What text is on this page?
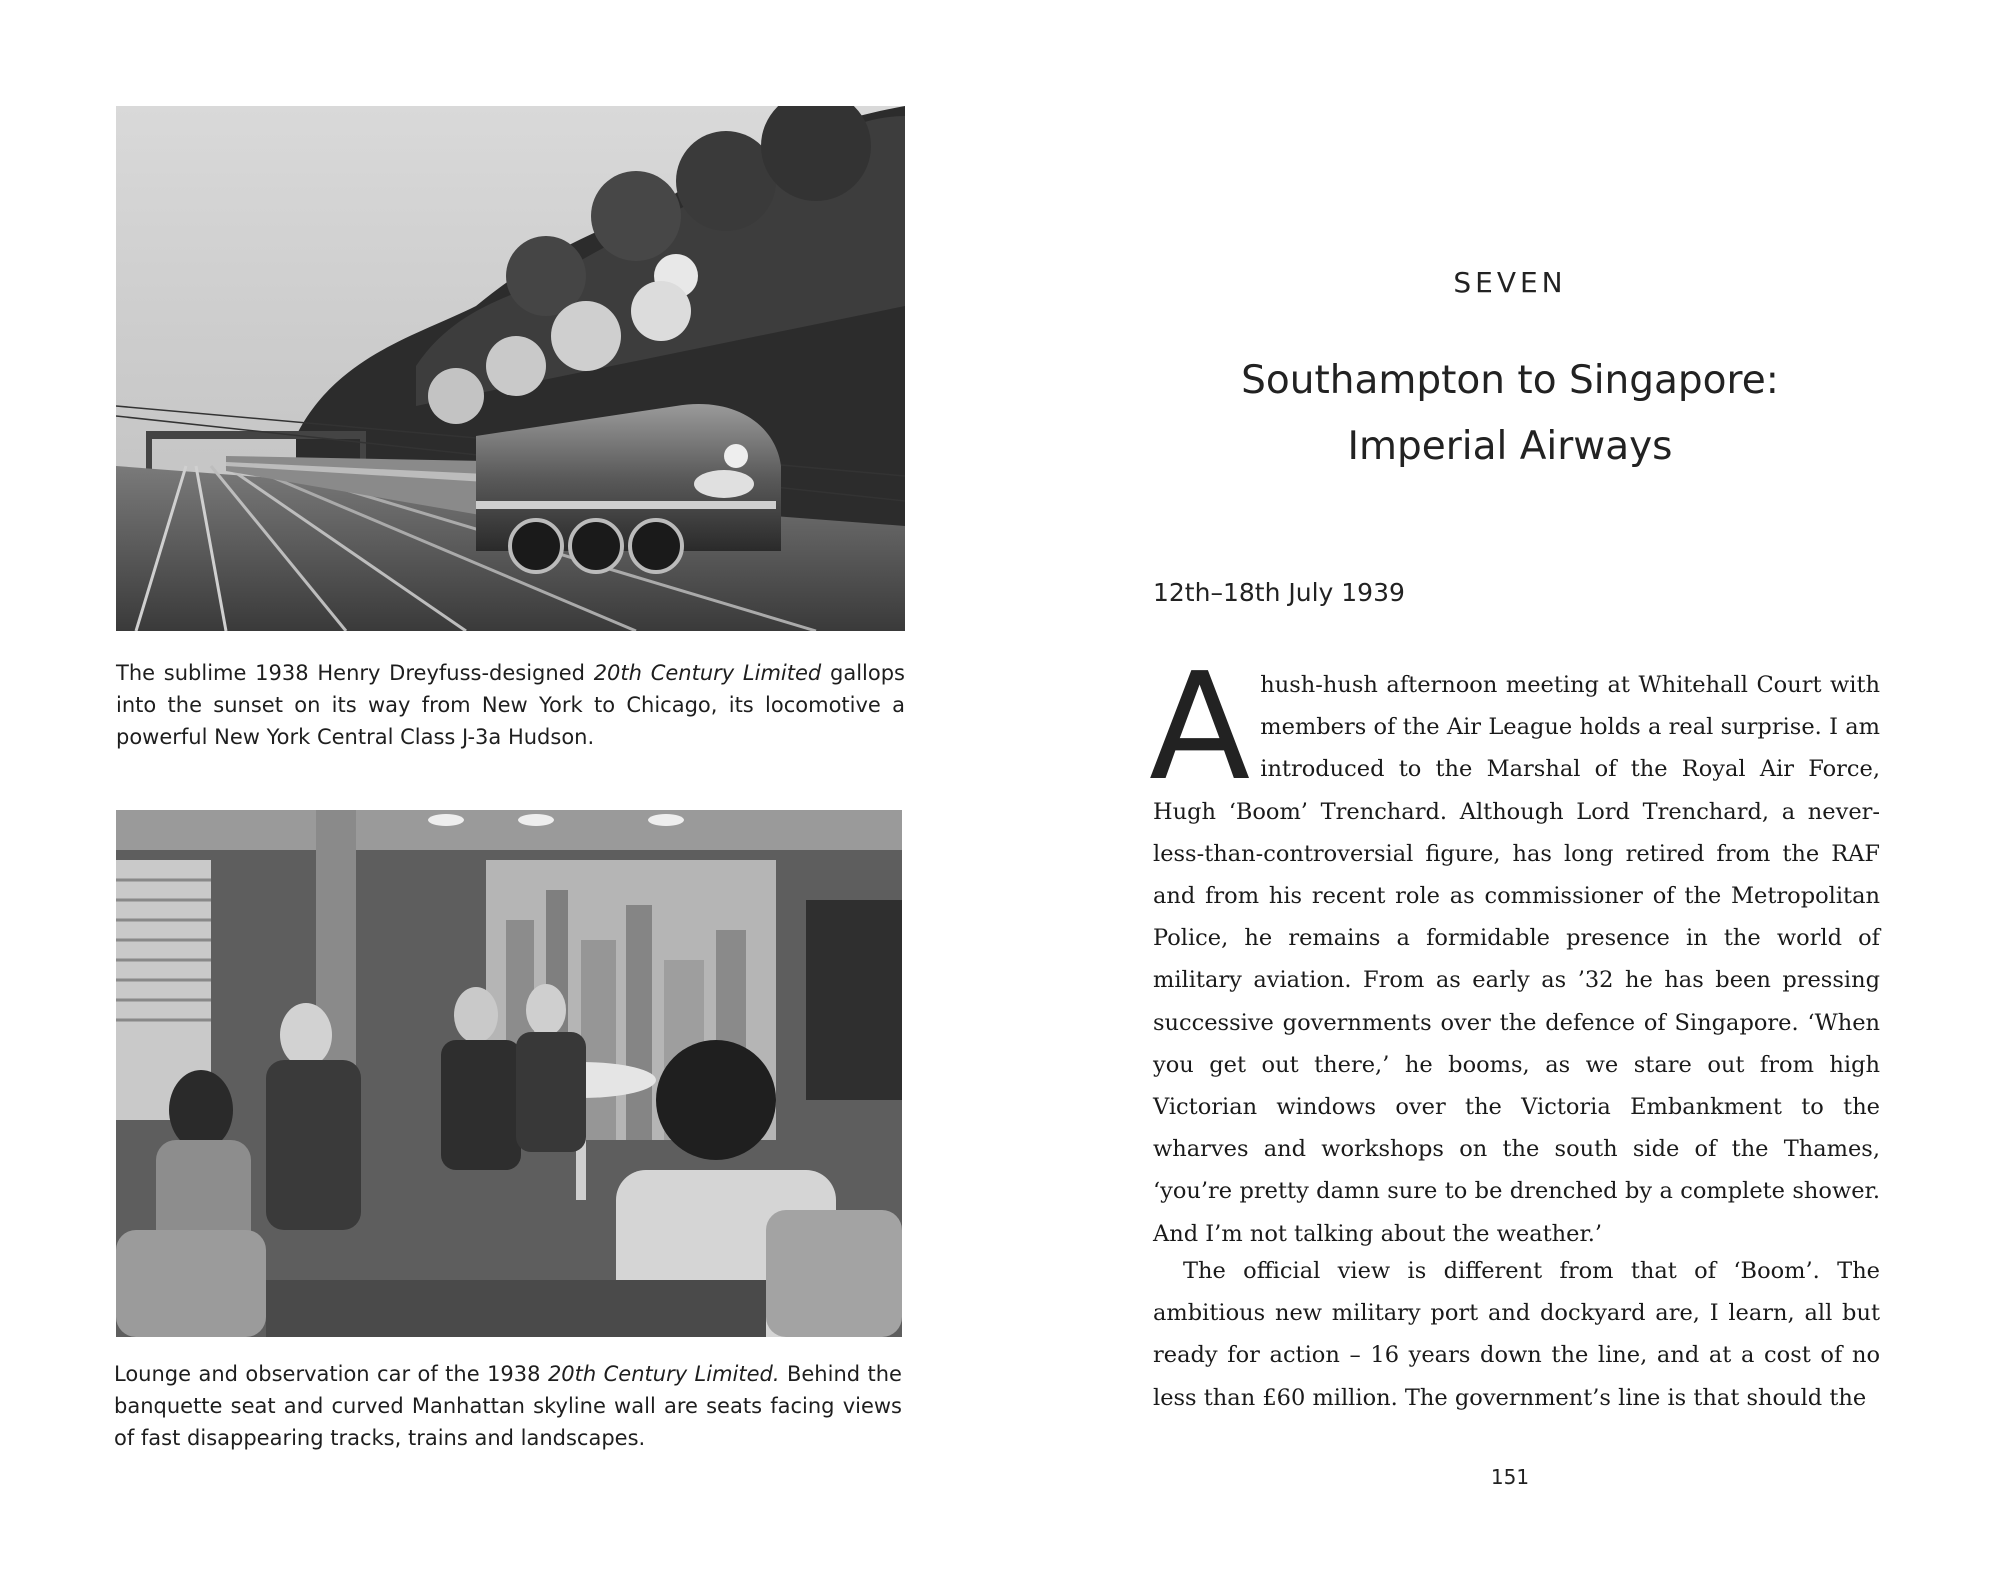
The sublime 1938 Henry Dreyfuss-designed 20th Century Limited gallops into the sunset on its way from New York to Chicago, its locomotive a powerful New York Central Class J-3a Hudson.

Lounge and observation car of the 1938 20th Century Limited. Behind the banquette seat and curved Manhattan skyline wall are seats facing views of fast disappearing tracks, trains and landscapes.

SEVEN
Southampton to Singapore:
Imperial Airways
12th–18th July 1939

A hush-hush afternoon meeting at Whitehall Court with members of the Air League holds a real surprise. I am introduced to the Marshal of the Royal Air Force, Hugh ‘Boom’ Trenchard. Although Lord Trenchard, a never-less-than-controversial figure, has long retired from the RAF and from his recent role as commissioner of the Metropolitan Police, he remains a formidable presence in the world of military aviation. From as early as ’32 he has been pressing successive governments over the defence of Singapore. ‘When you get out there,’ he booms, as we stare out from high Victorian windows over the Victoria Embankment to the wharves and workshops on the south side of the Thames, ‘you’re pretty damn sure to be drenched by a complete shower. And I’m not talking about the weather.’

The official view is different from that of ‘Boom’. The ambitious new military port and dockyard are, I learn, all but ready for action – 16 years down the line, and at a cost of no less than £60 million. The government’s line is that should the

151
